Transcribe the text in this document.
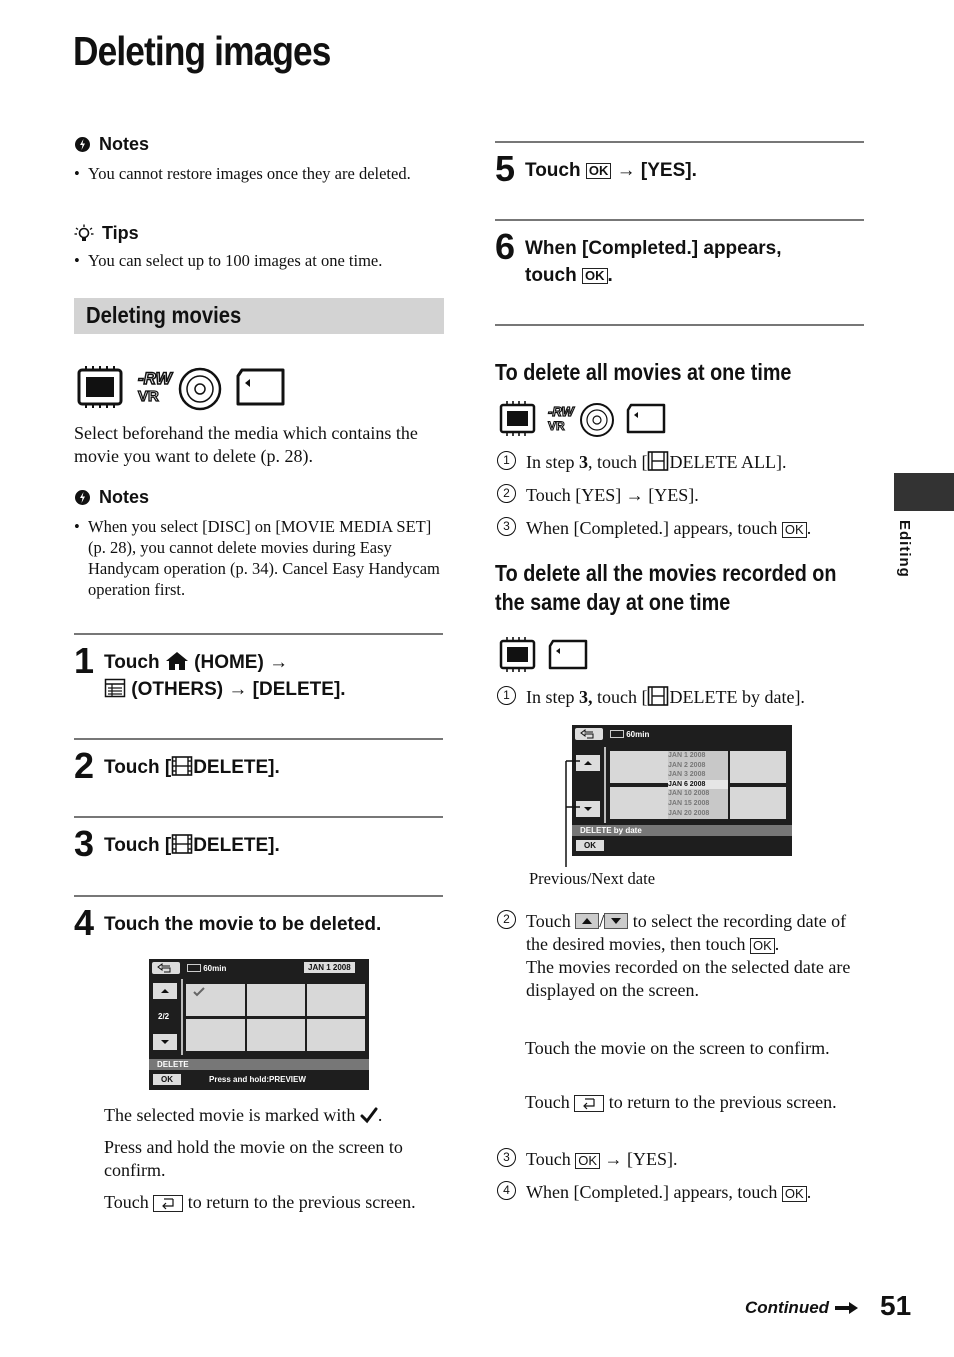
Deleting images
Editing
Notes
• You cannot restore images once they are deleted.
Tips
• You can select up to 100 images at one time.
Deleting movies
-RW
VR
Select beforehand the media which contains the movie you want to delete (p. 28).
Notes
• When you select [DISC] on [MOVIE MEDIA SET] (p. 28), you cannot delete movies during Easy Handycam operation (p. 34). Cancel Easy Handycam operation first.
1 Touch (HOME) →
(OTHERS) → [DELETE].
2 Touch [ DELETE].
3 Touch [ DELETE].
4 Touch the movie to be deleted.
60min	JAN 1 2008
2/2
DELETE
OK	Press and hold:PREVIEW
The selected movie is marked with .
Press and hold the movie on the screen to confirm.
Touch to return to the previous screen.
5 Touch OK → [YES].
6 When [Completed.] appears,
touch OK .
To delete all movies at one time
-RW
VR
1 In step 3, touch [ DELETE ALL].
2 Touch [YES] → [YES].
3 When [Completed.] appears, touch OK .
To delete all the movies recorded on
the same day at one time
1 In step 3, touch [ DELETE by date].
60min
JAN 1 2008
JAN 2 2008
JAN 3 2008
JAN 6 2008
JAN 10 2008
JAN 15 2008
JAN 20 2008
DELETE by date
OK
Previous/Next date
2 Touch / to select the recording date of the desired movies, then touch OK .
The movies recorded on the selected date are displayed on the screen.
Touch the movie on the screen to confirm.
Touch to return to the previous screen.
3 Touch OK → [YES].
4 When [Completed.] appears, touch OK .
Continued 51
